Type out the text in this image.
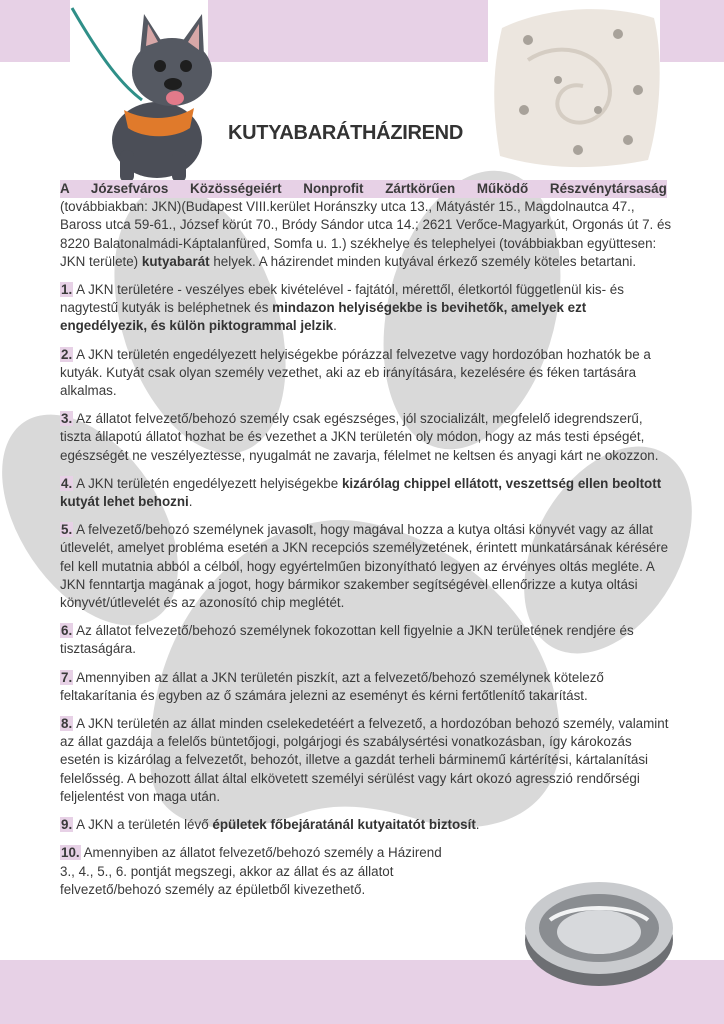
KUTYABARÁTHÁZIREND

A Józsefváros Közösségeiért Nonprofit Zártkörűen Működő Részvénytársaság (továbbiakban: JKN)(Budapest VIII.kerület Horánszky utca 13., Mátyástér 15., Magdolnautca 47., Baross utca 59-61., József körút 70., Bródy Sándor utca 14.; 2621 Verőce-Magyarkút, Orgonás út 7. és 8220 Balatonalmádi-Káptalanfüred, Somfa u. 1.) székhelye és telephelyei (továbbiakban együttesen: JKN területe) kutyabarát helyek. A házirendet minden kutyával érkező személy köteles betartani.

1. A JKN területére - veszélyes ebek kivételével - fajtától, mérettől, életkortól függetlenül kis- és nagytestű kutyák is beléphetnek és mindazon helyiségekbe is bevihetők, amelyek ezt engedélyezik, és külön piktogrammal jelzik.

2. A JKN területén engedélyezett helyiségekbe pórázzal felvezetve vagy hordozóban hozhatók be a kutyák. Kutyát csak olyan személy vezethet, aki az eb irányítására, kezelésére és féken tartására alkalmas.

3. Az állatot felvezető/behozó személy csak egészséges, jól szocializált, megfelelő idegrendszerű, tiszta állapotú állatot hozhat be és vezethet a JKN területén oly módon, hogy az más testi épségét, egészségét ne veszélyeztesse, nyugalmát ne zavarja, félelmet ne keltsen és anyagi kárt ne okozzon.

4. A JKN területén engedélyezett helyiségekbe kizárólag chippel ellátott, veszettség ellen beoltott kutyát lehet behozni.

5. A felvezető/behozó személynek javasolt, hogy magával hozza a kutya oltási könyvét vagy az állat útlevelét, amelyet probléma esetén a JKN recepciós személyzetének, érintett munkatársának kérésére fel kell mutatnia abból a célból, hogy egyértelműen bizonyítható legyen az érvényes oltás megléte. A JKN fenntartja magának a jogot, hogy bármikor szakember segítségével ellenőrizze a kutya oltási könyvét/útlevelét és az azonosító chip meglétét.

6. Az állatot felvezető/behozó személynek fokozottan kell figyelnie a JKN területének rendjére és tisztaságára.

7. Amennyiben az állat a JKN területén piszkít, azt a felvezető/behozó személynek kötelező feltakarítania és egyben az ő számára jelezni az eseményt és kérni fertőtlenítő takarítást.

8. A JKN területén az állat minden cselekedetéért a felvezető, a hordozóban behozó személy, valamint az állat gazdája a felelős büntetőjogi, polgárjogi és szabálysértési vonatkozásban, így károkozás esetén is kizárólag a felvezetőt, behozót, illetve a gazdát terheli bárminemű kártérítési, kártalanítási felelősség. A behozott állat által elkövetett személyi sérülést vagy kárt okozó agresszió rendőrségi feljelentést von maga után.

9. A JKN a területén lévő épületek főbejáratánál kutyaitatót biztosít.

10. Amennyiben az állatot felvezető/behozó személy a Házirend 3., 4., 5., 6. pontját megszegi, akkor az állat és az állatot felvezető/behozó személy az épületből kivezethető.
